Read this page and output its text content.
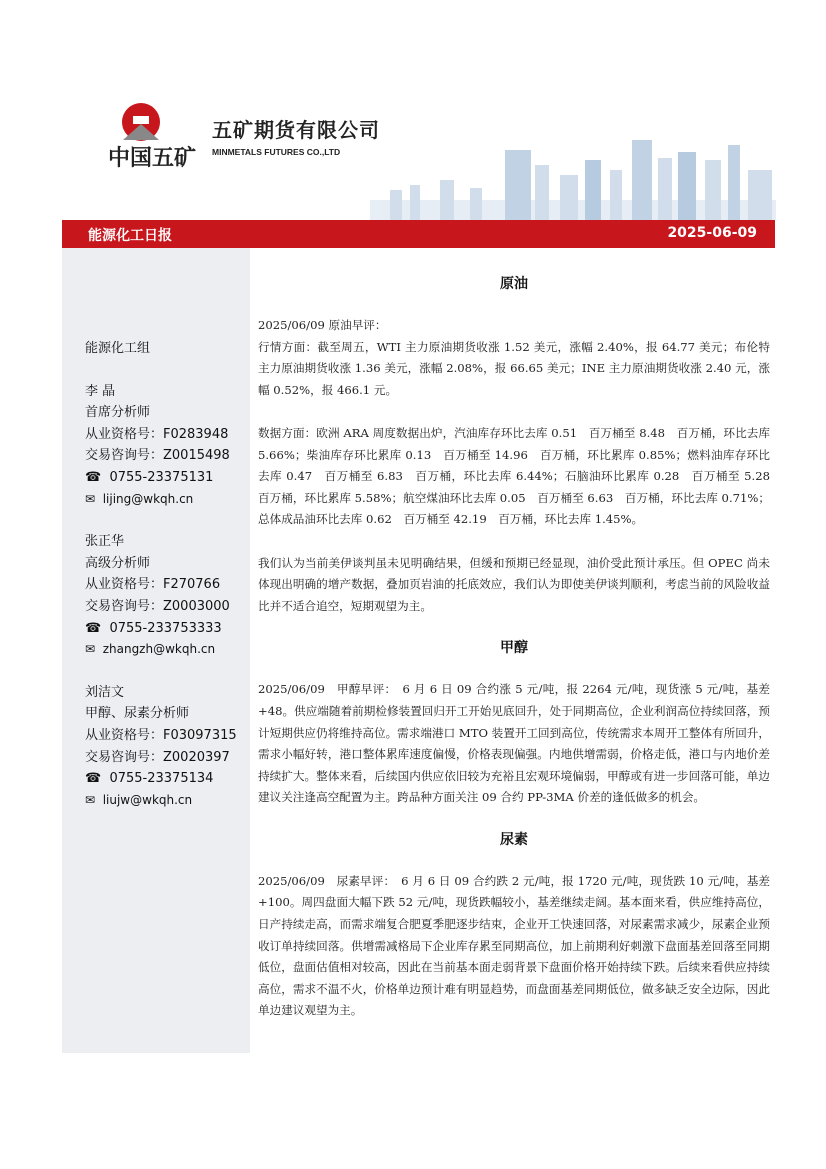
中国五矿
五矿期货有限公司
MINMETALS FUTURES CO.,LTD
能源化工日报	2025-06-09
能源化工组
李 晶
首席分析师
从业资格号：F0283948
交易咨询号：Z0015498
☎ 0755-23375131
✉ lijing@wkqh.cn
张正华
高级分析师
从业资格号：F270766
交易咨询号：Z0003000
☎ 0755-233753333
✉ zhangzh@wkqh.cn
刘洁文
甲醇、尿素分析师
从业资格号：F03097315
交易咨询号：Z0020397
☎ 0755-23375134
✉ liujw@wkqh.cn
原油
2025/06/09 原油早评：
行情方面：截至周五，WTI 主力原油期货收涨 1.52 美元，涨幅 2.40%，报 64.77 美元；布伦特主力原油期货收涨 1.36 美元，涨幅 2.08%，报 66.65 美元；INE 主力原油期货收涨 2.40 元，涨幅 0.52%，报 466.1 元。
数据方面：欧洲 ARA 周度数据出炉，汽油库存环比去库 0.51　百万桶至 8.48　百万桶，环比去库 5.66%；柴油库存环比累库 0.13　百万桶至 14.96　百万桶，环比累库 0.85%；燃料油库存环比去库 0.47　百万桶至 6.83　百万桶，环比去库 6.44%；石脑油环比累库 0.28　百万桶至 5.28　百万桶，环比累库 5.58%；航空煤油环比去库 0.05　百万桶至 6.63　百万桶，环比去库 0.71%；总体成品油环比去库 0.62　百万桶至 42.19　百万桶，环比去库 1.45%。
我们认为当前美伊谈判虽未见明确结果，但缓和预期已经显现，油价受此预计承压。但 OPEC 尚未体现出明确的增产数据，叠加页岩油的托底效应，我们认为即使美伊谈判顺利，考虑当前的风险收益比并不适合追空，短期观望为主。
甲醇
2025/06/09　甲醇早评：　6 月 6 日 09 合约涨 5 元/吨，报 2264 元/吨，现货涨 5 元/吨，基差+48。供应端随着前期检修装置回归开工开始见底回升，处于同期高位，企业利润高位持续回落，预计短期供应仍将维持高位。需求端港口 MTO 装置开工回到高位，传统需求本周开工整体有所回升，需求小幅好转，港口整体累库速度偏慢，价格表现偏强。内地供增需弱，价格走低，港口与内地价差持续扩大。整体来看，后续国内供应依旧较为充裕且宏观环境偏弱，甲醇或有进一步回落可能，单边建议关注逢高空配置为主。跨品种方面关注 09 合约 PP-3MA 价差的逢低做多的机会。
尿素
2025/06/09　尿素早评：　6 月 6 日 09 合约跌 2 元/吨，报 1720 元/吨，现货跌 10 元/吨，基差+100。周四盘面大幅下跌 52 元/吨，现货跌幅较小，基差继续走阔。基本面来看，供应维持高位，日产持续走高，而需求端复合肥夏季肥逐步结束，企业开工快速回落，对尿素需求减少，尿素企业预收订单持续回落。供增需减格局下企业库存累至同期高位，加上前期利好刺激下盘面基差回落至同期低位，盘面估值相对较高，因此在当前基本面走弱背景下盘面价格开始持续下跌。后续来看供应持续高位，需求不温不火，价格单边预计难有明显趋势，而盘面基差同期低位，做多缺乏安全边际，因此单边建议观望为主。
